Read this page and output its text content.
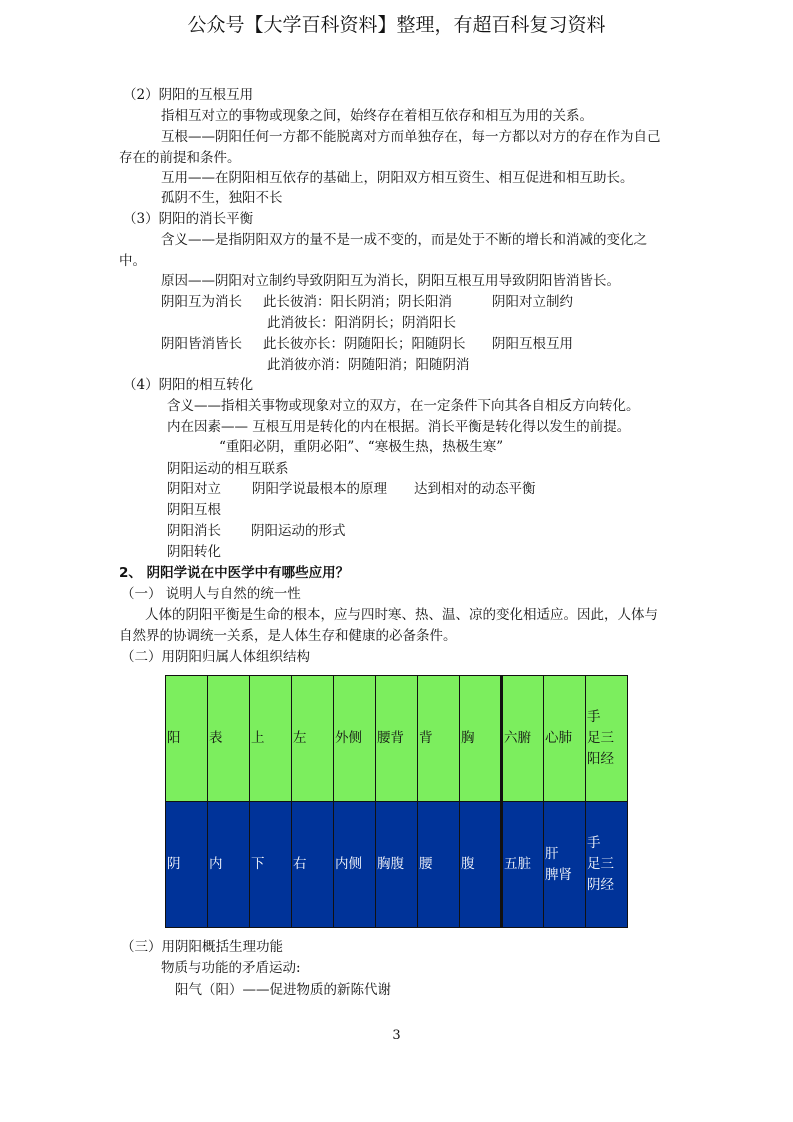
公众号【大学百科资料】整理，有超百科复习资料
（2）阴阳的互根互用
指相互对立的事物或现象之间，始终存在着相互依存和相互为用的关系。
互根——阴阳任何一方都不能脱离对方而单独存在，每一方都以对方的存在作为自己
存在的前提和条件。
互用——在阴阳相互依存的基础上，阴阳双方相互资生、相互促进和相互助长。
孤阴不生，独阳不长
（3）阴阳的消长平衡
含义——是指阴阳双方的量不是一成不变的，而是处于不断的增长和消减的变化之
中。
原因——阴阳对立制约导致阴阳互为消长，阴阳互根互用导致阴阳皆消皆长。
阴阳互为消长 此长彼消：阳长阴消；阴长阳消	阴阳对立制约
此消彼长：阳消阴长；阴消阳长
阴阳皆消皆长 此长彼亦长：阴随阳长；阳随阴长 阴阳互根互用
此消彼亦消：阴随阳消；阳随阴消
（4）阴阳的相互转化
含义——指相关事物或现象对立的双方，在一定条件下向其各自相反方向转化。
内在因素—— 互根互用是转化的内在根据。消长平衡是转化得以发生的前提。
“重阳必阴，重阴必阳”、“寒极生热，热极生寒”
阴阳运动的相互联系
阴阳对立 阴阳学说最根本的原理 达到相对的动态平衡
阴阳互根
阴阳消长 阴阳运动的形式
阴阳转化
2、 阴阳学说在中医学中有哪些应用？
（一） 说明人与自然的统一性
人体的阴阳平衡是生命的根本，应与四时寒、热、温、凉的变化相适应。因此，人体与
自然界的协调统一关系，是人体生存和健康的必备条件。
（二）用阴阳归属人体组织结构
阳	表	上	左	外侧	腰背	背	胸	六腑	心肺	手　足三　阳经
阴	内	下	右	内侧	胸腹	腰	腹	五脏	肝　脾肾	手　足三　阴经
（三）用阴阳概括生理功能
物质与功能的矛盾运动:
阳气（阳）——促进物质的新陈代谢
3
